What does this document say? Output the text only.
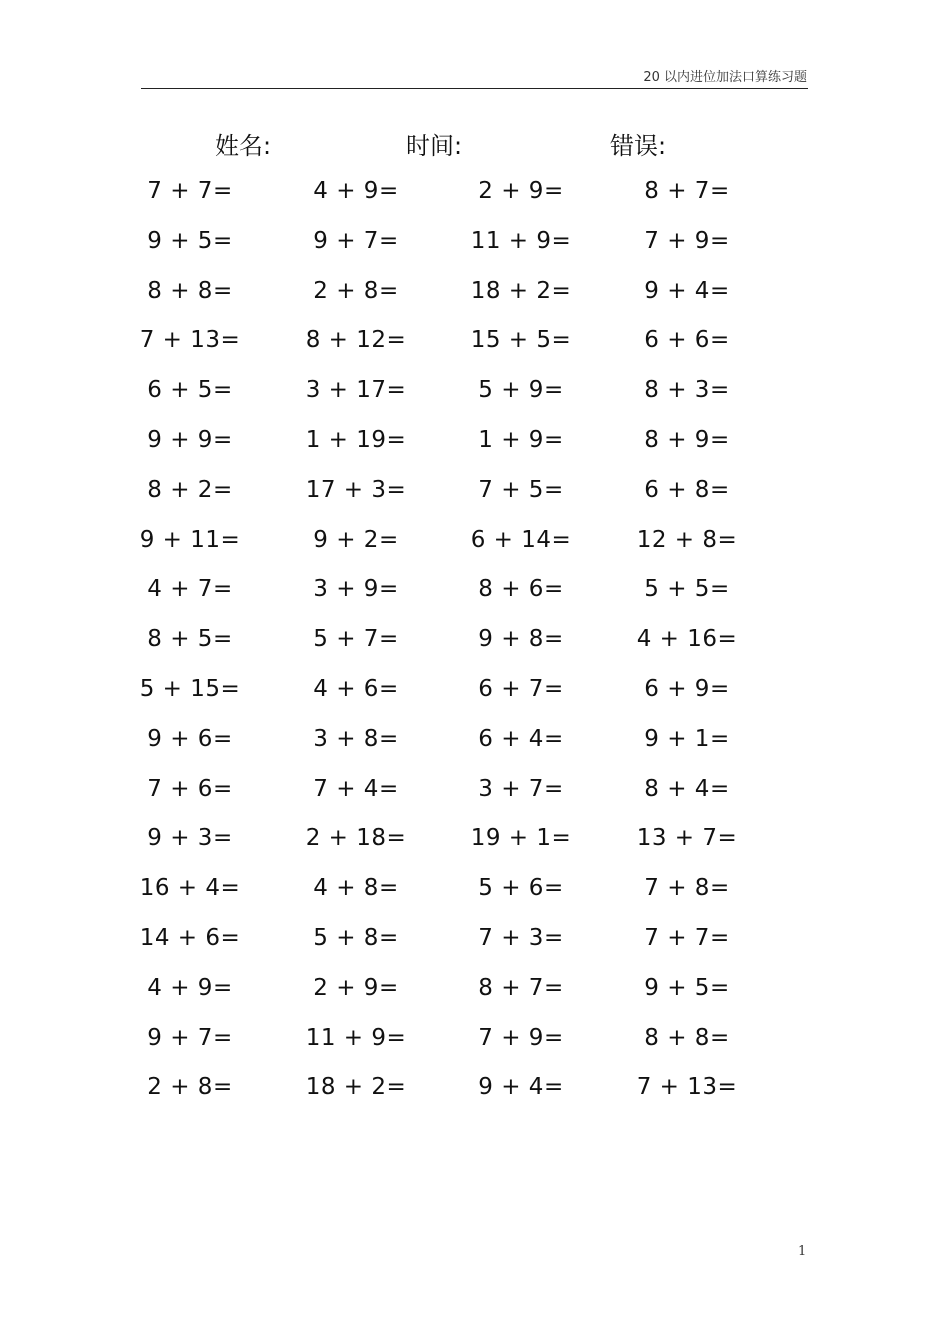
20 以内进位加法口算练习题
姓名:	时间:	错误:
7 + 7=	4 + 9=	2 + 9=	8 + 7=
9 + 5=	9 + 7=	11 + 9=	7 + 9=
8 + 8=	2 + 8=	18 + 2=	9 + 4=
7 + 13=	8 + 12=	15 + 5=	6 + 6=
6 + 5=	3 + 17=	5 + 9=	8 + 3=
9 + 9=	1 + 19=	1 + 9=	8 + 9=
8 + 2=	17 + 3=	7 + 5=	6 + 8=
9 + 11=	9 + 2=	6 + 14=	12 + 8=
4 + 7=	3 + 9=	8 + 6=	5 + 5=
8 + 5=	5 + 7=	9 + 8=	4 + 16=
5 + 15=	4 + 6=	6 + 7=	6 + 9=
9 + 6=	3 + 8=	6 + 4=	9 + 1=
7 + 6=	7 + 4=	3 + 7=	8 + 4=
9 + 3=	2 + 18=	19 + 1=	13 + 7=
16 + 4=	4 + 8=	5 + 6=	7 + 8=
14 + 6=	5 + 8=	7 + 3=	7 + 7=
4 + 9=	2 + 9=	8 + 7=	9 + 5=
9 + 7=	11 + 9=	7 + 9=	8 + 8=
2 + 8=	18 + 2=	9 + 4=	7 + 13=
1
